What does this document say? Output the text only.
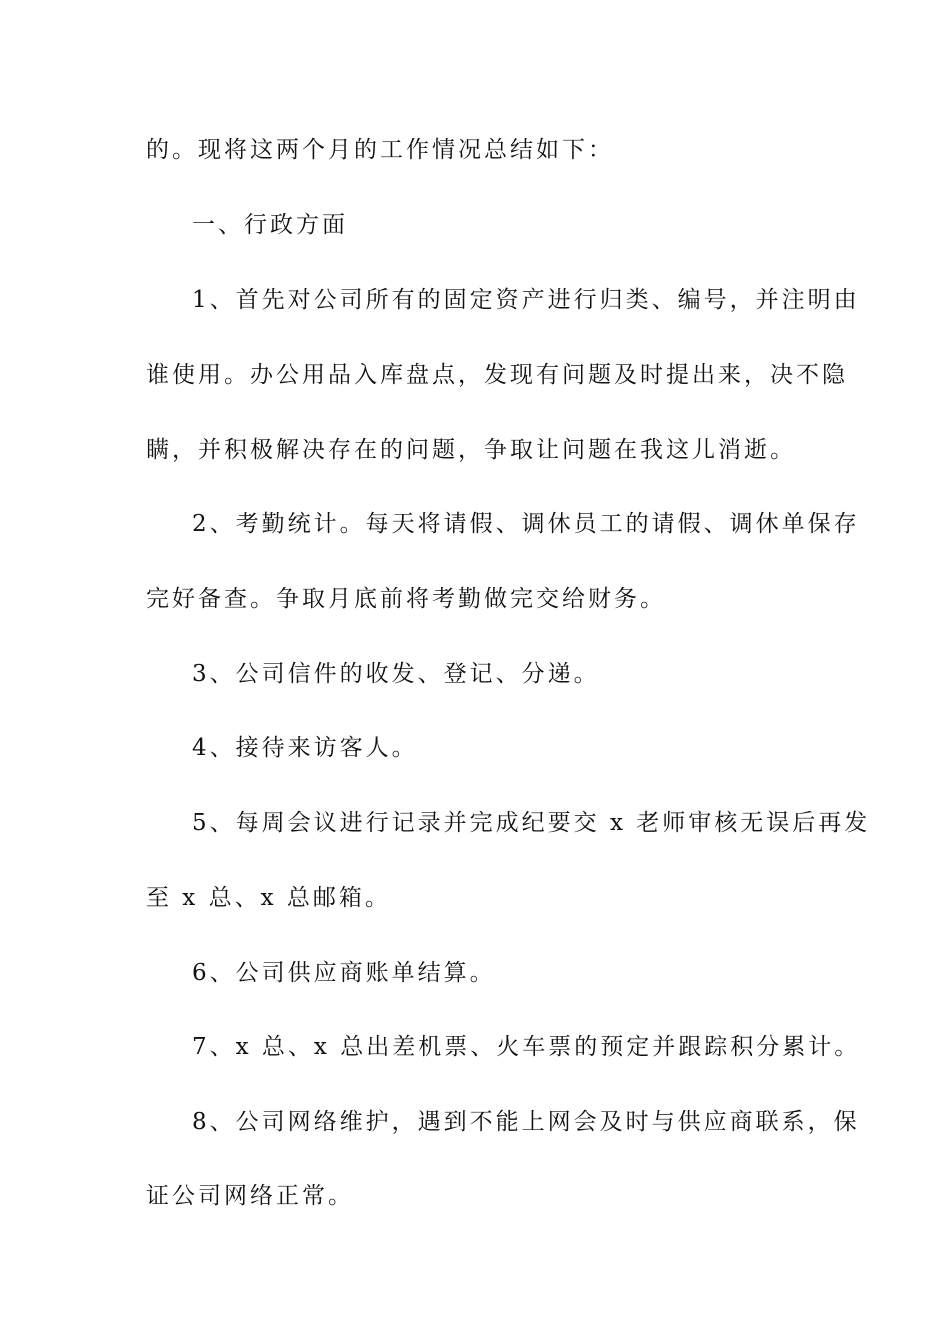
的。现将这两个月的工作情况总结如下：
一、行政方面
1、首先对公司所有的固定资产进行归类、编号，并注明由
谁使用。办公用品入库盘点，发现有问题及时提出来，决不隐
瞒，并积极解决存在的问题，争取让问题在我这儿消逝。
2、考勤统计。每天将请假、调休员工的请假、调休单保存
完好备查。争取月底前将考勤做完交给财务。
3、公司信件的收发、登记、分递。
4、接待来访客人。
5、每周会议进行记录并完成纪要交 x 老师审核无误后再发
至 x 总、x 总邮箱。
6、公司供应商账单结算。
7、x 总、x 总出差机票、火车票的预定并跟踪积分累计。
8、公司网络维护，遇到不能上网会及时与供应商联系，保
证公司网络正常。
